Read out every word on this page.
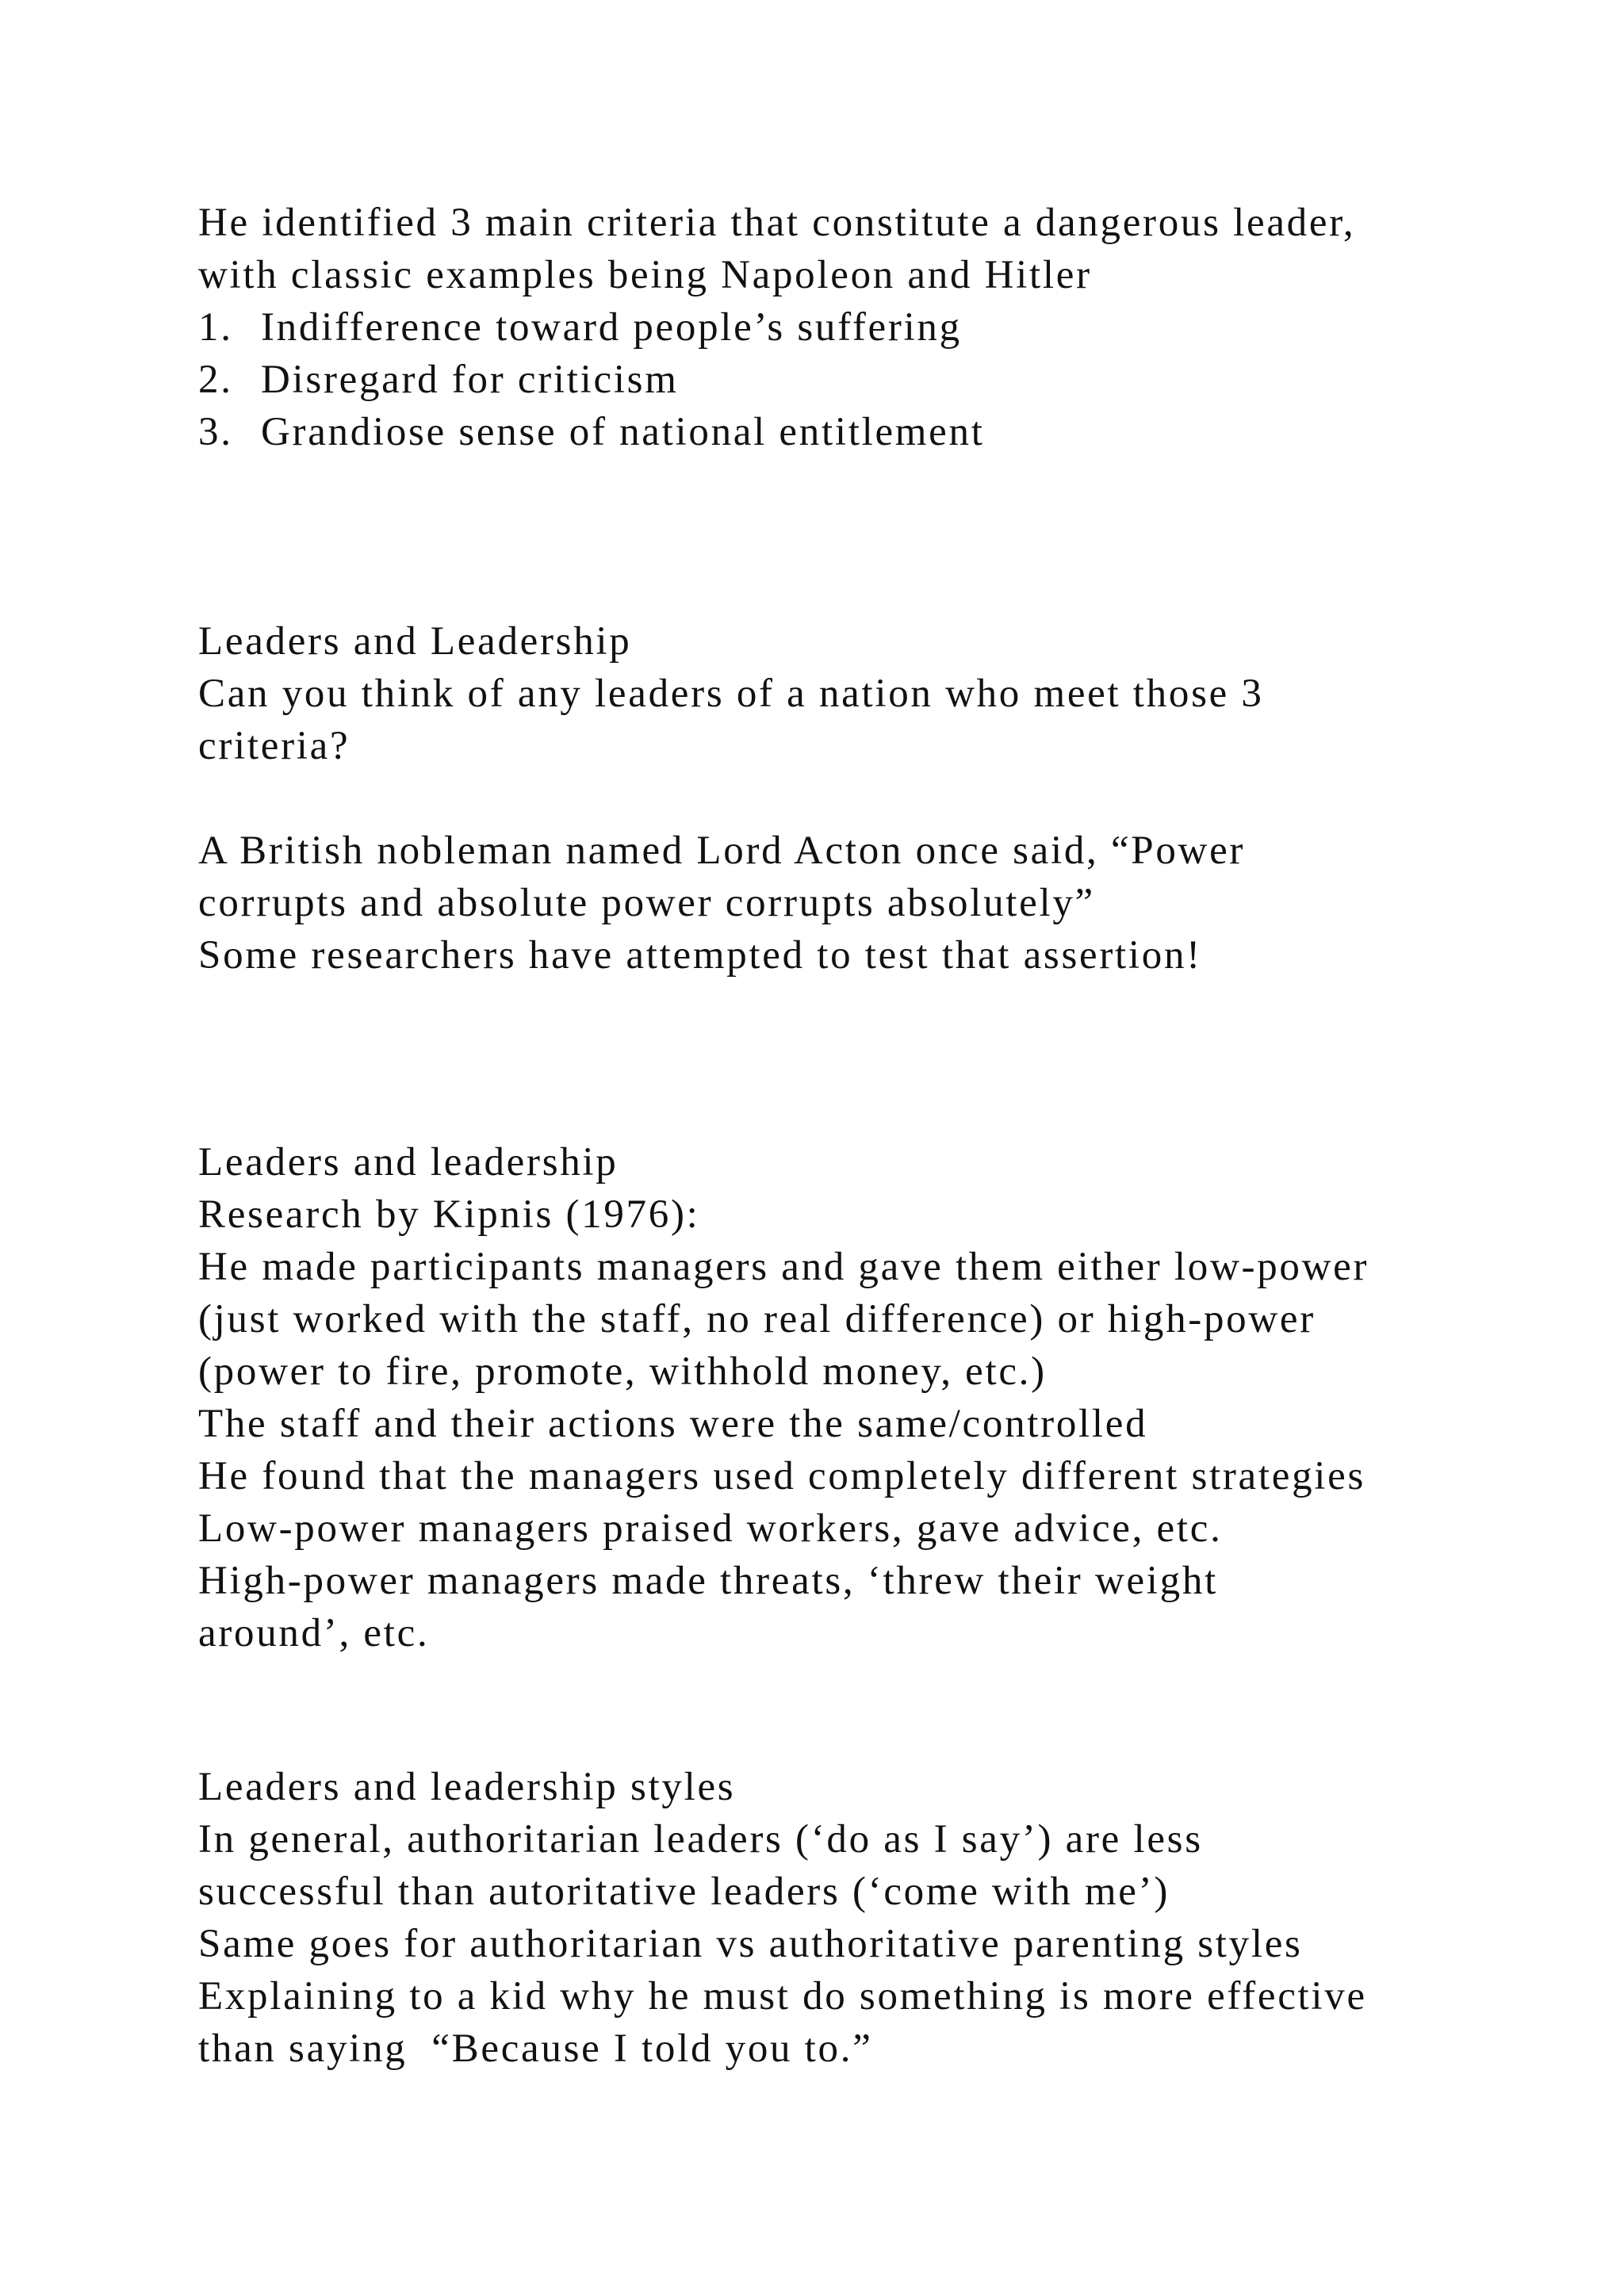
He identified 3 main criteria that constitute a dangerous leader,
with classic examples being Napoleon and Hitler
1. Indifference toward people’s suffering
2. Disregard for criticism
3. Grandiose sense of national entitlement
Leaders and Leadership
Can you think of any leaders of a nation who meet those 3
criteria?
A British nobleman named Lord Acton once said, “Power
corrupts and absolute power corrupts absolutely”
Some researchers have attempted to test that assertion!
Leaders and leadership
Research by Kipnis (1976):
He made participants managers and gave them either low-power
(just worked with the staff, no real difference) or high-power
(power to fire, promote, withhold money, etc.)
The staff and their actions were the same/controlled
He found that the managers used completely different strategies
Low-power managers praised workers, gave advice, etc.
High-power managers made threats, ‘threw their weight
around’, etc.
Leaders and leadership styles
In general, authoritarian leaders (‘do as I say’) are less
successful than autoritative leaders (‘come with me’)
Same goes for authoritarian vs authoritative parenting styles
Explaining to a kid why he must do something is more effective
than saying  “Because I told you to.”
